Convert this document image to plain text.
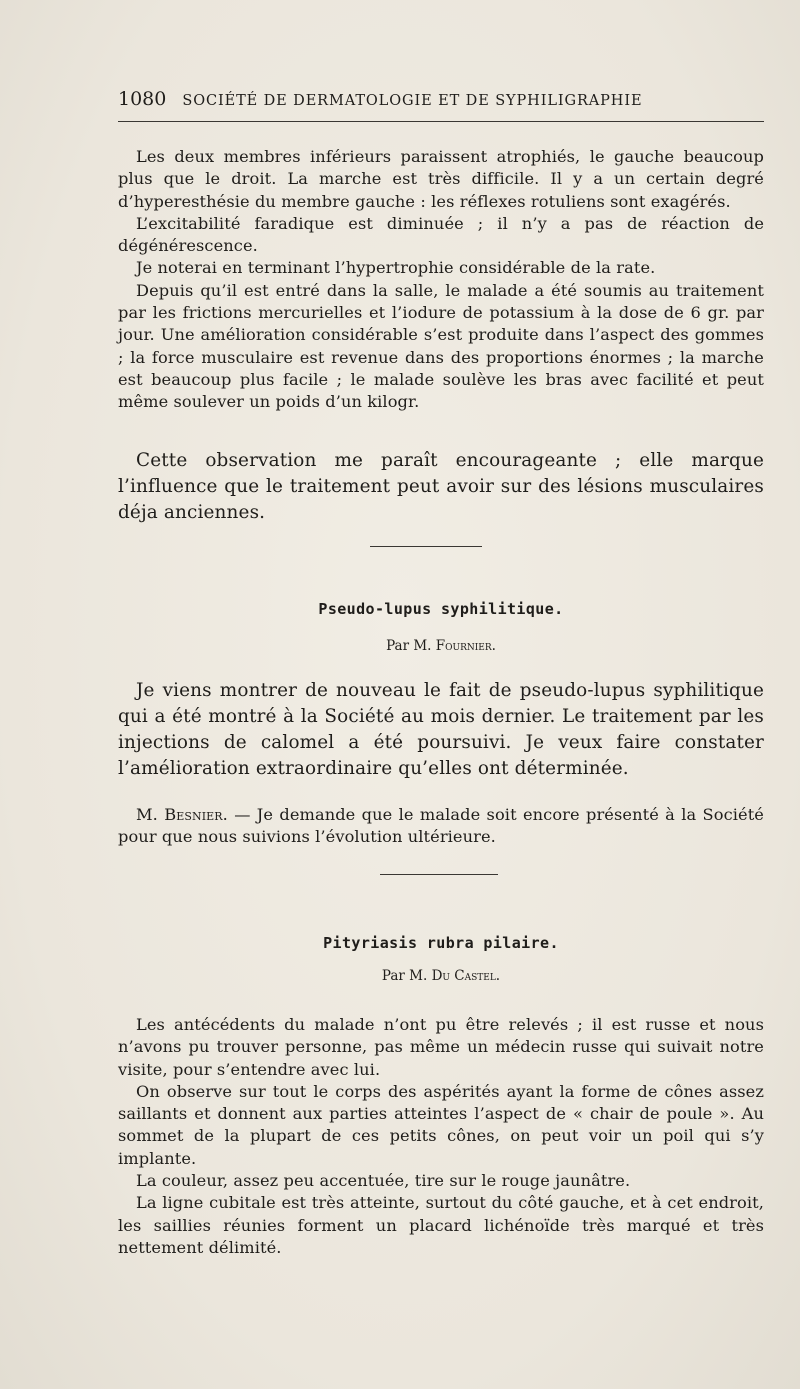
1080 SOCIÉTÉ DE DERMATOLOGIE ET DE SYPHILIGRAPHIE

Les deux membres inférieurs paraissent atrophiés, le gauche beaucoup plus que le droit. La marche est très difficile. Il y a un certain degré d’hyperesthésie du membre gauche : les réflexes rotuliens sont exagérés.

L’excitabilité faradique est diminuée ; il n’y a pas de réaction de dégénérescence.

Je noterai en terminant l’hypertrophie considérable de la rate.

Depuis qu’il est entré dans la salle, le malade a été soumis au traitement par les frictions mercurielles et l’iodure de potassium à la dose de 6 gr. par jour. Une amélioration considérable s’est produite dans l’aspect des gommes ; la force musculaire est revenue dans des proportions énormes ; la marche est beaucoup plus facile ; le malade soulève les bras avec facilité et peut même soulever un poids d’un kilogr.

Cette observation me paraît encourageante ; elle marque l’influence que le traitement peut avoir sur des lésions musculaires déja anciennes.

Pseudo-lupus syphilitique.
Par M. Fournier.

Je viens montrer de nouveau le fait de pseudo-lupus syphilitique qui a été montré à la Société au mois dernier. Le traitement par les injections de calomel a été poursuivi. Je veux faire constater l’amélioration extraordinaire qu’elles ont déterminée.

M. Besnier. — Je demande que le malade soit encore présenté à la Société pour que nous suivions l’évolution ultérieure.

Pityriasis rubra pilaire.
Par M. Du Castel.

Les antécédents du malade n’ont pu être relevés ; il est russe et nous n’avons pu trouver personne, pas même un médecin russe qui suivait notre visite, pour s’entendre avec lui.

On observe sur tout le corps des aspérités ayant la forme de cônes assez saillants et donnent aux parties atteintes l’aspect de « chair de poule ». Au sommet de la plupart de ces petits cônes, on peut voir un poil qui s’y implante.

La couleur, assez peu accentuée, tire sur le rouge jaunâtre.

La ligne cubitale est très atteinte, surtout du côté gauche, et à cet endroit, les saillies réunies forment un placard lichénoïde très marqué et très nettement délimité.
